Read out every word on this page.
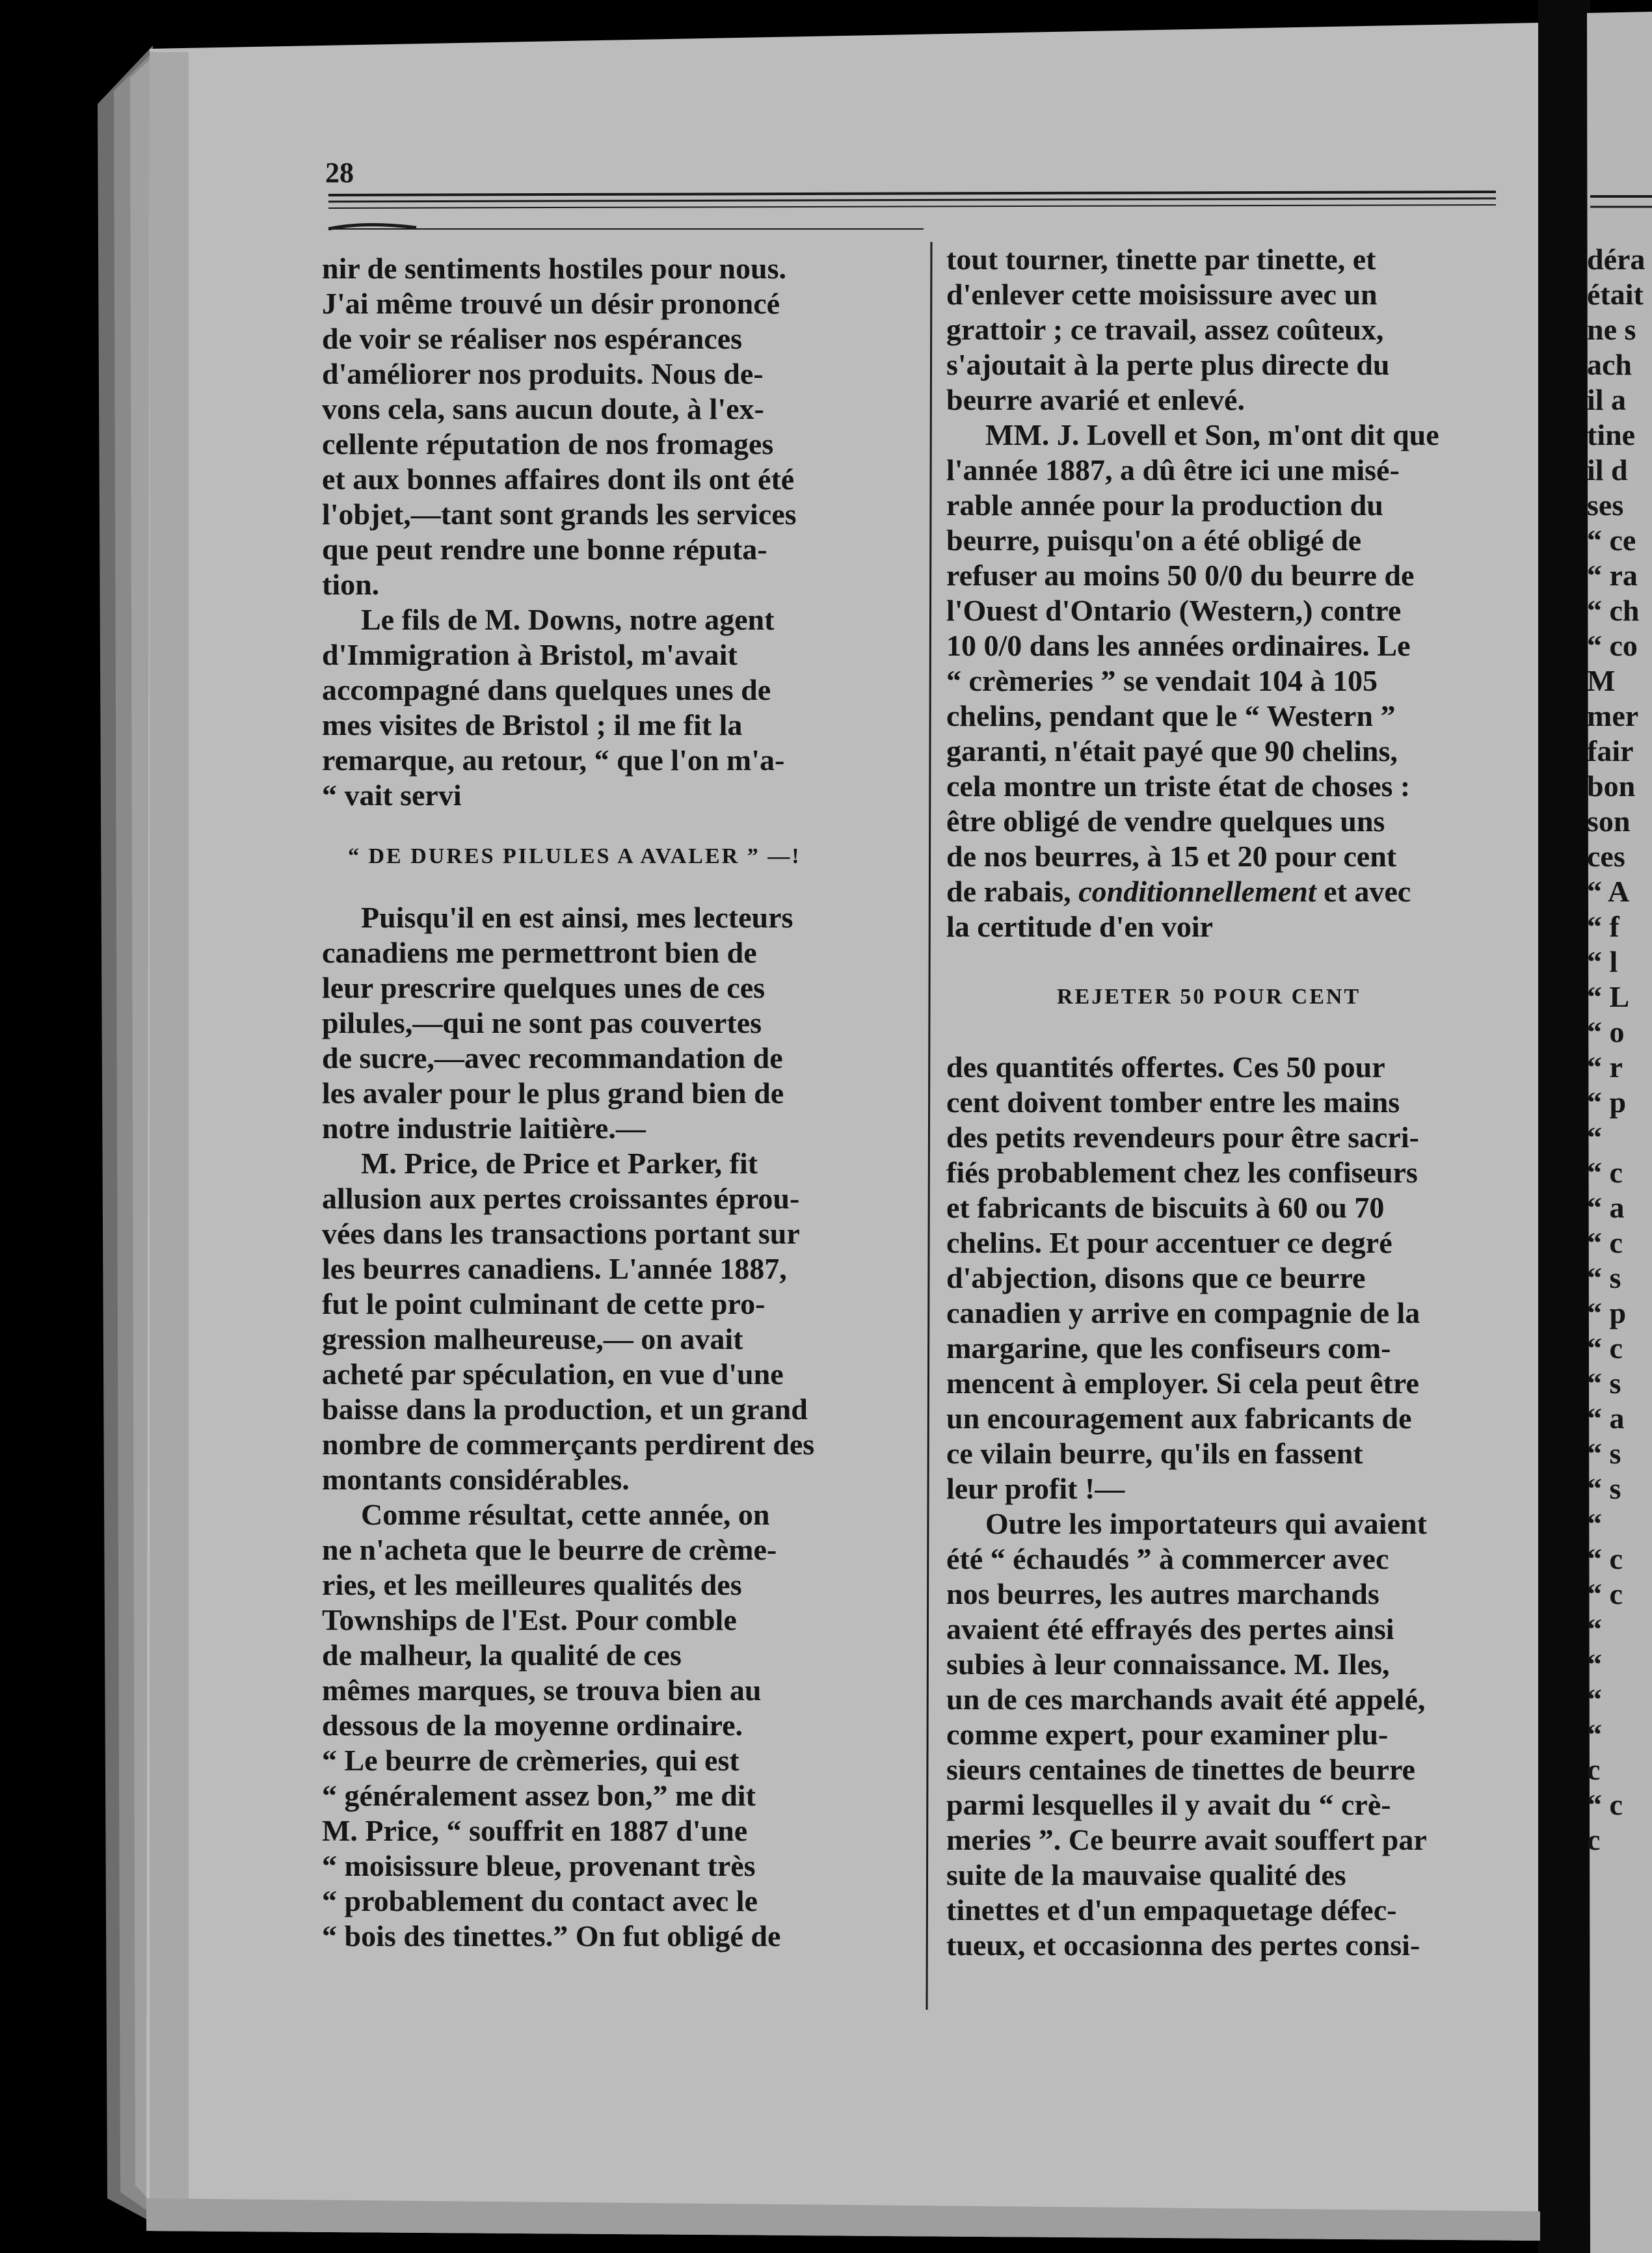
28

nir de sentiments hostiles pour nous.
J'ai même trouvé un désir prononcé
de voir se réaliser nos espérances
d'améliorer nos produits. Nous de-
vons cela, sans aucun doute, à l'ex-
cellente réputation de nos fromages
et aux bonnes affaires dont ils ont été
l'objet,—tant sont grands les services
que peut rendre une bonne réputa-
tion.

Le fils de M. Downs, notre agent
d'Immigration à Bristol, m'avait
accompagné dans quelques unes de
mes visites de Bristol ; il me fit la
remarque, au retour, “ que l'on m'a-
“ vait servi

“ DE DURES PILULES A AVALER ” —!

Puisqu'il en est ainsi, mes lecteurs
canadiens me permettront bien de
leur prescrire quelques unes de ces
pilules,—qui ne sont pas couvertes
de sucre,—avec recommandation de
les avaler pour le plus grand bien de
notre industrie laitière.—

M. Price, de Price et Parker, fit
allusion aux pertes croissantes éprou-
vées dans les transactions portant sur
les beurres canadiens. L'année 1887,
fut le point culminant de cette pro-
gression malheureuse,— on avait
acheté par spéculation, en vue d'une
baisse dans la production, et un grand
nombre de commerçants perdirent des
montants considérables.

Comme résultat, cette année, on
ne n'acheta que le beurre de crème-
ries, et les meilleures qualités des
Townships de l'Est. Pour comble
de malheur, la qualité de ces
mêmes marques, se trouva bien au
dessous de la moyenne ordinaire.
“ Le beurre de crèmeries, qui est
“ généralement assez bon,” me dit
M. Price, “ souffrit en 1887 d'une
“ moisissure bleue, provenant très
“ probablement du contact avec le
“ bois des tinettes.” On fut obligé de

tout tourner, tinette par tinette, et
d'enlever cette moisissure avec un
grattoir ; ce travail, assez coûteux,
s'ajoutait à la perte plus directe du
beurre avarié et enlevé.

MM. J. Lovell et Son, m'ont dit que
l'année 1887, a dû être ici une misé-
rable année pour la production du
beurre, puisqu'on a été obligé de
refuser au moins 50 0/0 du beurre de
l'Ouest d'Ontario (Western,) contre
10 0/0 dans les années ordinaires. Le
“ crèmeries ” se vendait 104 à 105
chelins, pendant que le “ Western ”
garanti, n'était payé que 90 chelins,
cela montre un triste état de choses :
être obligé de vendre quelques uns
de nos beurres, à 15 et 20 pour cent
de rabais, conditionnellement et avec
la certitude d'en voir

REJETER 50 POUR CENT

des quantités offertes. Ces 50 pour
cent doivent tomber entre les mains
des petits revendeurs pour être sacri-
fiés probablement chez les confiseurs
et fabricants de biscuits à 60 ou 70
chelins. Et pour accentuer ce degré
d'abjection, disons que ce beurre
canadien y arrive en compagnie de la
margarine, que les confiseurs com-
mencent à employer. Si cela peut être
un encouragement aux fabricants de
ce vilain beurre, qu'ils en fassent
leur profit !—

Outre les importateurs qui avaient
été “ échaudés ” à commercer avec
nos beurres, les autres marchands
avaient été effrayés des pertes ainsi
subies à leur connaissance. M. Iles,
un de ces marchands avait été appelé,
comme expert, pour examiner plu-
sieurs centaines de tinettes de beurre
parmi lesquelles il y avait du “ crè-
meries ”. Ce beurre avait souffert par
suite de la mauvaise qualité des
tinettes et d'un empaquetage défec-
tueux, et occasionna des pertes consi-

déra
était
ne s
ach
il a
tine
il d
ses
“ ce
“ ra
“ ch
“ co
M
mer
fair
bon
son
ces
“ A
“ f
“ l
“ L
“ o
“ r
“ p
“
“ c
“ a
“ c
“ s
“ p
“ c
“ s
“ a
“ s
“ s
“
“ c
“ c
“
“
“
“
c
“ c
c
